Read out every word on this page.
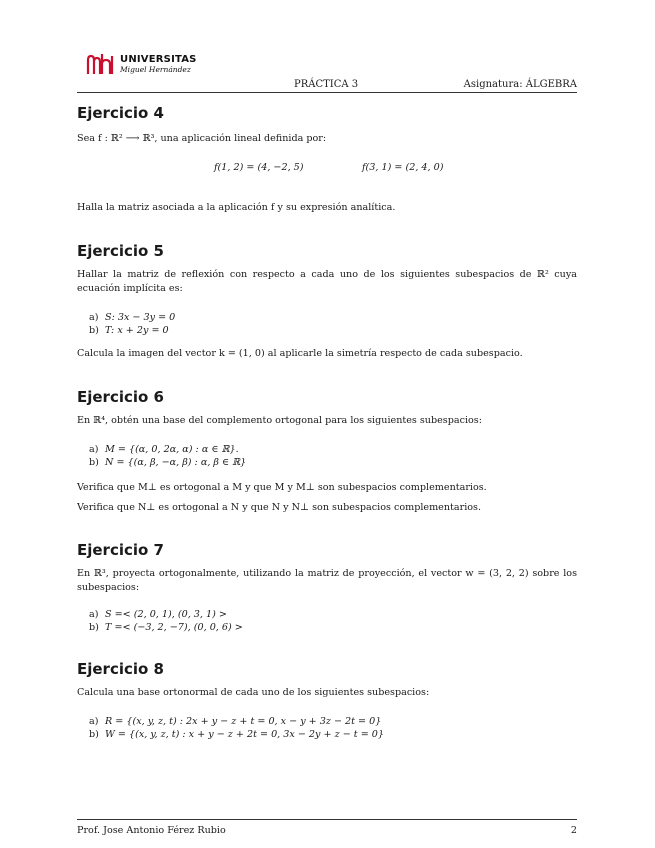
UNIVERSITAS
Miguel Hernández
PRÁCTICA 3	Asignatura: ÁLGEBRA
Ejercicio 4

Sea f : ℝ² ⟶ ℝ³, una aplicación lineal definida por:

f(1, 2) = (4, −2, 5)	f(3, 1) = (2, 4, 0)

Halla la matriz asociada a la aplicación f y su expresión analítica.

Ejercicio 5

Hallar la matriz de reflexión con respecto a cada uno de los siguientes subespacios de ℝ² cuya ecuación implícita es:

a) S: 3x − 3y = 0
b) T: x + 2y = 0

Calcula la imagen del vector k = (1, 0) al aplicarle la simetría respecto de cada subespacio.

Ejercicio 6

En ℝ⁴, obtén una base del complemento ortogonal para los siguientes subespacios:

a) M = {(α, 0, 2α, α) : α ∈ ℝ}.
b) N = {(α, β, −α, β) : α, β ∈ ℝ}

Verifica que M⊥ es ortogonal a M y que M y M⊥ son subespacios complementarios.

Verifica que N⊥ es ortogonal a N y que N y N⊥ son subespacios complementarios.

Ejercicio 7

En ℝ³, proyecta ortogonalmente, utilizando la matriz de proyección, el vector w = (3, 2, 2) sobre los subespacios:

a) S =< (2, 0, 1), (0, 3, 1) >
b) T =< (−3, 2, −7), (0, 0, 6) >
Ejercicio 8

Calcula una base ortonormal de cada uno de los siguientes subespacios:

a) R = {(x, y, z, t) : 2x + y − z + t = 0, x − y + 3z − 2t = 0}
b) W = {(x, y, z, t) : x + y − z + 2t = 0, 3x − 2y + z − t = 0}
Prof. Jose Antonio Férez Rubio	2
